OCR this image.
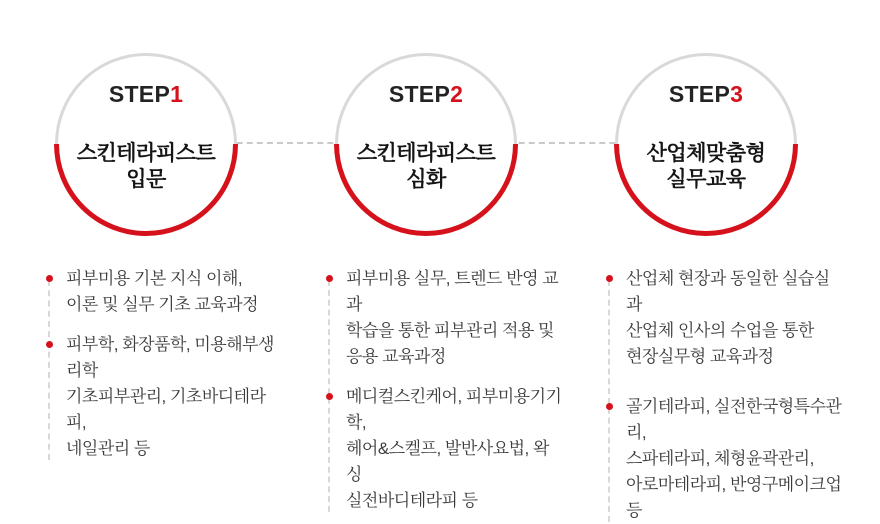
STEP1
스킨테라피스트
입문
피부미용 기본 지식 이해,
이론 및 실무 기초 교육과정
피부학, 화장품학, 미용해부생리학
기초피부관리, 기초바디테라피,
네일관리 등
STEP2
스킨테라피스트
심화
피부미용 실무, 트렌드 반영 교과
학습을 통한 피부관리 적용 및
응용 교육과정
메디컬스킨케어, 피부미용기기학,
헤어&스켈프, 발반사요법, 왁싱
실전바디테라피 등
STEP3
산업체맞춤형
실무교육
산업체 현장과 동일한 실습실과
산업체 인사의 수업을 통한
현장실무형 교육과정
골기테라피, 실전한국형특수관리,
스파테라피, 체형윤곽관리,
아로마테라피, 반영구메이크업 등
